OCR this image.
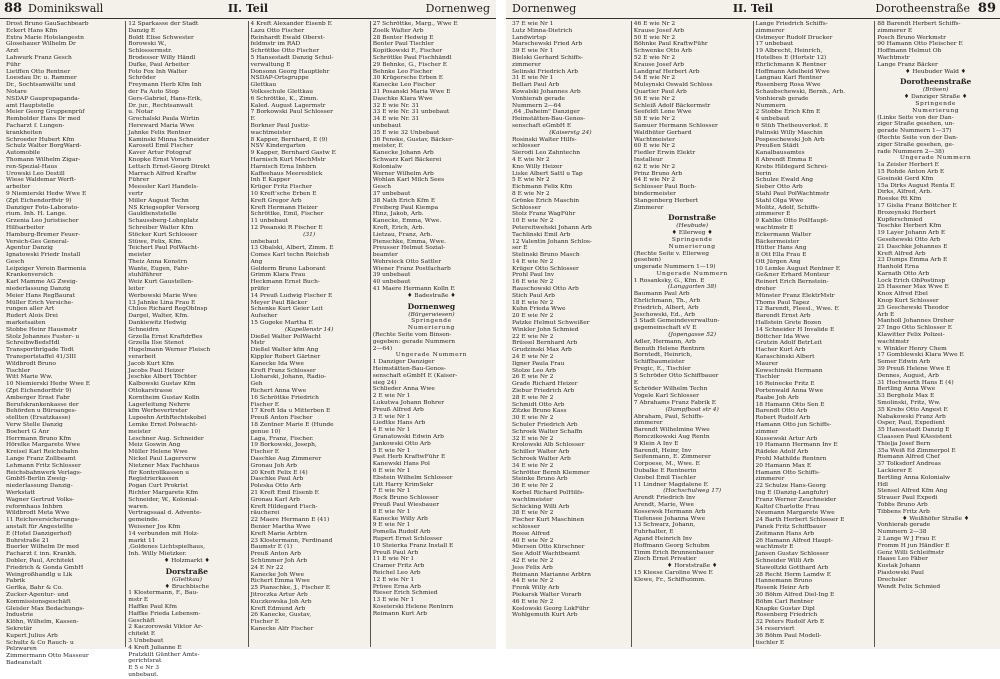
88 Dominikswall	II. Teil	Dornenweg
Drost Bruno GauSachbearb
Eckert Hans Kfm
Extra Marie Hotelangestn
Glosehauer Wilhelm Dr
Arzt
Lahwurk Franz Gesch
Führ
Lietffen Otto Rentner
Loesdau Dr. u. Rammer
Dr., Sochtsanwälte und
Notare
NSDAP Gaupropaganda-
amt Hauptstelle
Meier Georg Gruppenprüf
Rembolder Hans Dr med
Facharzt f. Lungen-
krankheiten
Schroeder Hubert Kfm
Schulz Walter BorgWard-
Automobile
Thomann Wilhelm Zigar-
ren-Spezial-Haus
Urowski Leo Destill
Wiese Waldemar Werft-
arbeiter
9 Niemierski Hedw Wwe E
(Zpt Eichendorffstr 9)
Danziger Foto-Laborato-
rium. Inh. H. Lange.
Grzenia Leo Juristischer
Hilfsarbeiter
Hamburg-Bremer Feuer-
Versich-Ges General-
Agentur Danzig
Ignatowski Friedr Install
Gesch
Leipziger Verein Barmenia
Krankenversich
Karl Mamme AG Zweig-
niederlassung Danzig
Meier Hans RegBaurat
Müller Erich Versiche-
rungen aller Art
Rudert Alois Drei
marketsaiten
Stobbe Heinr Hausmstr
Stolz Johannes Fuster- u
SchreibwBedsHdl
Transportbrigade Todt
Transportstaffel 41/3III
Wildbrodt Bruno
Tischler
Witt Marie Ww.
10 Niemierski Hedw Wwe E
(Zpt Eichendorffstr 9)
Amberger Ernst Fabr
Berufskrankenkasse der
Behörden u Büroanges-
stellten (Ersatzkasse)
Verw Stelle Danzig
Boehert G Anr
Herrmann Bruno Kfm
Hörelke Margarete Wwe
Kreisel Karl Reichsbahn
Lange Franz Zollbeamt
Lehmann Fritz Schlosser
Reichsbahnwerk Verlags-
GmbH-Berlin Zweig-
niederlassung Danzig-
Werkstatt
Wagner Gertrud Volks-
reformhaus Inhbrn
Wildbrodt Meta Wwe
11 Reichsversicherungs-
anstalt für Angestellte
E (Hotel Danzigerhof)
Buhrstraße 21
Buerler Wilhelm Dr med
Facharzt f. inn. Krankh.
Dobler, Paul, Architekt
Friedrich & Gonda GmbH
Weingroßhandlg u Lik
Fabrik
Gerlka, Bahr & Co.
Zucker-Agentur- und
Kommissionsgeschäft
Gleisler Max Bedachungs-
Industrie
Klöhn, Wilhelm, Kassen-
Sekretär
Kupert Julius Arb
Schultz & Co Rauch- u
Pelzwaren
Zimmermann Otto Masseur
Badeanstalt
12 Sparkasse der Stadt
Danzig E
Boldt Elise Schwester
Borowski W.,
Schlossermstr.
Brodesser Willy Händl
Dufke, Paul Arbeiter
Foto Fox Inh Walter
Schröder
Freymann Herb Kfm Inh
der Fa Auto Stop
Gers-Gabriel, Hans-Erik,
Dr. jur., Rechtsanwalt
u. Notar
Grochalski Paula Wirtin
Hereward Maria Wwe
Jahnke Felix Rentner
Kaminski Minna Schneider
Karosetl Emil Fischer
Kaver Artur Fotograf
Knopke Ernst Vorarb
Lettsch Ernst-Georg Direkt
Marrach Alfred Kraftw
Führer
Meessler Karl Handels-
vertr
Miller August Techn
NS Kriegsopfer Versorg
Gauldienststelle
Schaussberg-Lohnplatz
Schreiber Walter Kfm
Stöcker Kurt Schlosser
Stüwe, Felix, Kfm.
Teichert Paul PolWacht-
meister
Theiz Anna Konstrn
Wante, Eugen, Fahr-
stuhlführer
Weiz Kurt Gaustellen-
leiter
Werbowski Marie Wwe
13 Jahnke Lina Frau E
Chlios Richard RegObInsp
Dargel, Walter, Kfm.
Dankiewitz Hedwig
Schneidrn
Grzella Ernst KraftdrBes
Grzella Ilse Stenot
Hugelmann Werner Fleisch
verarbeit
Jacob Kurt Kfm
Jacobs Paul Heizer
Jeschke Albert Töchter
Kalbowski Gustav Kfm
Ottokarstrasse
Korntheim Gustav Kolln
Lagerleitung Nehrre
kfm Werbevertreter
Lupoehn ArthRechtskobel
Lemke Ernst Polwacht-
meister
Leschner Aug. Schneider
Meiz Goswin Ang
Müller Helene Wwe
Nickel Paul Lagerverw
Nietzner Max Fachhaus
für Kontrollkassen u
Registrierkassen
Pogan Curt Prokrist
Richter Margarete Kfm
Schneider, W., Kolonial-
waren.
Vertragssaal d. Advente-
gemeinde.
Weissner Jos Kfm
14 verbunden mit Holz-
markt 11
,Goldenes Lichtspielhaus,
Inh. Willy Mietzker.
♦ Holzmarkt ♦
Dorstraße
(Glettkau)
♦ Bruchbische
1 Klostermann, F., Bau-
mstr E
Haffke Paul Kfm
Haffke Frieda Lebensm-
Geschäft
2 Kaczorowski Viktor Ar-
chitekt E
3 Unbebaut
4 Kreft Julianne E
Pratzkilt Günther Amts-
gerichtsrat
E 5 e Nr 3
unbebaut.
4 Kreft Alexander Eisenb E
Lazu Otto Fischer
Reinhardt Ewald Oberst-
feldmstr im RAD
Schröttke Otto Fischer
5 Hansestadt Danzig Schul-
verwaltung E
Donsonn Georg Hauptlehr
NSDAP-Ortsgruppe
Glettkau
Volksschule Glettkau
6 Schröttke, K., Zimm.
Kaled. August Lagermstr
7 Borkowski Paul Schlosser
E
Borkner Paul Justiz-
wachtmeister
8 Kapper, Bernhard, E (9)
NSV Kindergarten
9 Kapper, Bernhard Gastw E
Harnisch Kurt MechMstr
Harnisch Erna Inhbrn
Kaffeehaus Meeresblick
Inh E Kapper
Krüger Fritz Fischer
10 Kreft'sche Erben E
Kreft Gregor Arb
Kreft Hermann Heizer
Schröttke, Emil, Fischer
11 unbebaut
12 Posanski R Fischer E
(31)
unbebaut
13 Obalski, Albert, Zimm. E
Comes Karl techn Reichsb
Ang
Gelderm Bruno Laborant
Grimm Klara Frau
Heckmann Ernst Buch-
prüfer
14 Preuß Ludwig Fischer E
Meyer Paul Bäcker
Schenke Kurt Geier Leit
Aufseher
15 Gugeke Martha E
(Kapellenstr 14)
Dießel Walter PolWacht
Mstr
Dießel Walter kfm Ang
Kippler Robert Gärtner
Kanecke Ida Wwe
Kreft Franz Schlosser
Lloharski, Johann, Radio-
Geh
Richert Anna Wwe
16 Schröttke Friedrich
Fischer E
17 Kreft Ida u Mitterben E
Preuß Anton Fischer
18 Zentner Marie E (Hunde
genue 10)
Laga, Franz, Fischer.
19 Borkowski, Joseph,
Fischer E
Daschke Aug Zimmerer
Gronau Joh Arb
20 Kreft Felix E (4)
Daschke Paul Arb
Poleska Otto Arb
21 Kreft Emil Eisenb E
Gronau Karl Arb
Kreft Hildegard Fisch-
räucherei
22 Maere Hermann E (41)
Benier Martha Wwe
Kreft Marie Arbtrn
23 Klostermann, Ferdinand
Baumstr E (1)
Preuß Anton Arb
Schümmer Joh Arb
24 E Nr 22
Kanecke Joh Wwe
Richert Emma Wwe
25 Pianschke, J., Fischer E
Jitroczka Artur Arb
Kuczkowska Joh Arb
Kreft Edmund Arb
26 Kanecke, Gustav,
Fischer E
Kanecke Alfr Fischer
27 Schröttke, Marg., Wwe E
Zoelk Walter Arb
28 Benter Hedwig E
Benter Paul Tischler
Kopitkowski F., Fischer
Schröttke Paul Fischhändl
29 Behnke, G., Fischer E
Behnke Leo Fischer
30 Krügersche Erben E
Kanecke Leo Fischer
31 Posanski Maria Wwe E
Daschke Klara Wwe
32 E wie Nr. 31
33 E wie Nr. 31 unbebaut
34 E wie Nr. 31
unbebaut
35 E wie 32 Unbebaut
36 Fenske, Gustav, Bäcker-
meister, E
Kanecke Johann Arb
Schwarz Karl Bäckerei
Kolonialw
Werner Wilhelm Arb
Wohlan Karl Milch Sees
Gesch
37 unbebaut
38 Nath Erich Kfm E
Freiberg Paul Kiempa
Hinz, Jakob, Arb.
Kanecke, Emma, Wwe.
Kreft, Erich, Arb.
Lietzau, Franz, Arb.
Pienschke, Emma, Wwe.
Preusser Helmut Sozial-
beamter
Wehrsieck Otto Sattler
Wiener Franz Postfacharb
39 unbebaut
40 unbebaut
41 Maere Hermann Kolln E
♦ Badestraße ♦
Dornenweg
(Bürgerwiesen)
Springende
Numerierung
(Rechte Seite vom Binsen-
gegeben: gerade Nummern
2—64)
Ungerade Nummern
1 Danziger Danziger
Heimstätten-Bau-Genos-
senschaft eGmbH E (Kaiser-
sieg 24)
Schlieder Anna Wwe
2 E wie Nr 1
Lukutwa Johann Bohrer
Preuß Alfred Arb
3 E wie Nr 1
Liedtke Hans Arb
4 E wie Nr 1
Granatowski Edwin Arb
Jankowski Otto Arb
5 E wie Nr 1
Past Herb KraftwFühr E
Kanewski Hans Pol
6 E wie Nr 1
Ebstein Wilhelm Schlosser
Litt Harry KrimSekr
7 E wie Nr 1
Rock Bruno Schlosser
Preuß Paul Wiesbauer
8 E wie Nr 1
Kanecke Willy Arb
9 E wie Nr 1
Pomella Rudolf Arb
Rupert Ernst Schlosser
10 Steierka Franz Install E
Preuß Paul Arb
11 E wie Nr 1
Cramer Fritz Arb
Reichel Leo Arb
12 E wie Nr 1
Prüwe Erna Arb
Rieser Erich Schmied
13 E wie Nr 1
Koseierski Helene Rentnrn
Reimann Kurt Arb
Dornenweg	II. Teil	Dorotheenstraße 89
37 E wie Nr 1
Lutz Minna-Dietrich
Landwirtsp
Marschewski Fried Arb
39 E wie Nr 1
Bielski Gerhard Schiffs-
zimmerer
Selinski Friedrich Arb
31 E wie Nr 1
Bellari Paul Arb
Kowalski Johannes Arb
Vonhierab gerade
Nummern 2—64
,64 ,Daheim" Danziger
Heimstätten-Bau-Genos-
senschaft eGmbH E
(Kaiserstg 24)
Rosinski Walter Hilfs-
schlosser
Sierodi Leo Zahntechn
4 E wie Nr 2
Kno Willy Heizer
Liske Albert Sattl u Tap
5 E wie Nr 2
Eichmann Felix Kfm
8 E wie Nr 2
Grönke Erich Maschin
Schlosser
Stolz Franz WagFühr
10 E wie Nr 2
Petereitwehski Johann Arb
Tachlinski Emil Arb
12 Valentin Johann Schlos-
ser E
Stelinski Bruno Masch
14 E wie Nr 2
Krüger Otto Schlosser
Prohl Paul Inv
16 E wie Nr 2
Rauschowski Otto Arb
Stich Paul Arb
18 E wie Nr 2
Kuhn Frieda Wwe
20 E wie Nr 2
Patzke Helmut Schweißer
Winkler John Schmied
22 E wie Nr 2
Brüssel Bernhard Arb
Grudzinski Max Arb
24 E wie Nr 2
Ilgner Paula Frau
Stolze Leo Arb
26 E wie Nr 2
Grade Richard Heizer
Ziebur Friedrich Arb
28 E wie Nr 2
Schmidt Otto Arb
Zitzke Bruno Kass
30 E wie Nr 2
Schuler Friedrich Arb
Schroek Walter Schaffn
32 E wie Nr 2
Krolowski Alb Schlosser
Schiller Walter Arb
Schroek Walter Arb
34 E wie Nr 2
Schrötter Bernh Klemmer
Steinke Bruno Arb
36 E wie Nr 2
Korbel Richard PolHilfs-
wachtmeister
Schicking Willi Arb
38 E wie Nr 2
Fischer Kurt Maschinen
schlosser
Rosse Alfred
40 E wie Nr 2
Miersen Otto Kürschner
See Adolf Wachtbeamt
42 E wie Nr 2
Jess Felix Arb
Reimann Marianne Arbtrn
44 E wie Nr 2
Frenk Willy Arb
Piekarsk Walter Vorarb
46 E wie Nr 2
Koslowski Georg LokFühr
Wohlgemuth Kurt Arb
46 E wie Nr 2
Krause Josef Arb
50 E wie Nr 2
Böhnke Paul KraftwFühr
Schwenke Otto Arb
52 E wie Nr 2
Krause Josef Arb
Landgraf Herbert Arb
54 E wie Nr 2
Mulsynski Oswald Schloss
Quartier Paul Arb
56 E wie Nr 2
Schleiß Adolf Bäckermstr
Seefeldt Lene Wwe
58 E wie Nr 2
Samuer Hermann Schlosser
Waldhüter Gerhard
Wachtmeister
60 E wie Nr 2
Fiedler Erwin Elektr
Installeur
62 E wie Nr 2
Prinz Bruno Arb
64 E wie Nr 2
Schlosser Paul Buch-
bindermeister
Stangenberg Herbert
Zimmerer
Dornstraße
(Heubude)
♦ Ellerweg ♦
Springende
Numerierung
(Rechte Seite v. Ellerweg
gesehen)
ungerade Nummern 1—19)
Ungerade Nummern
1 Rosanksky, G., Kfm. E
(Langgarten 38)
Baumann Paul Arb
Ehrlichmann, Th., Arb
Friedrich, Albert, Arb
Jeschowski, Ed., Arb
3 Stadt Gemeindeverwaltun-
gsgemeinschaft eV E
(Jopengasse 52)
Adler, Hermann, Arb
Benuth Helene Rentnrn
Borntedt, Heinrich,
Schiffbaumeister
Pregic, E., Tischler
5 Schröder Otto Schiffbauer
E
Schröder Wilhelm Techn
Vogele Karl Schlosser
7 Abrahams Franz Fabrik E
(Dampfboot str 4)
Abraham, Paul, Schiffs-
zimmerer
Barendt Wilhelmine Wwe
Romczikowski Aug Rentn
9 Klein A Inv E
Barendt, Heinr, Inv
Seifenmann, E. Zimmerer
Corpoese, M., Wwe. E
Dubalke E Rentnerin
Ozobel Emil Tischler
11 Lindner Magdalene E
(Hochschulweg 17)
Arendt Friedrich Inv
Arendt, Marie, Wwe
Kossewsk Hermann Arb
Tiefensee Johanna Wwe
13 Schwarz, Johann,
Fuhrhalter, E
Agand Heinrich Inv
Hoffmann Georg Schubm
Timm Erich Brunnenbauer
Zloch Ernst Privatier
♦ Horststraße ♦
15 Kleese Caroline Wwe E
Klewe, Fr., Schiffszimm.
Lange Friedrich Schiffs-
zimmerer
Ostmeyer Rudolf Drucker
17 unbebaut
19 Albrecht, Heinrich,
Hotelbes E (Hortstr 12)
Ehrlichmann K Rentner
Hoffmann Adelheid Wwe
Langnau Karl Rentner
Rosenberg Rosa Wwe
Schaubschewski, Bernh., Arb.
Vonhierab gerade
Nummern
2 Stobbe Erich Kfm E
4 unbebaut
6 Stüh Thetheuverkst. E
Palinski Willy Maschin
Pospeschewski Joh Arb
Preußen Städt
Kanalbausamtes
8 Abrendt Emma E
Krebs Hildegard Schrei-
berin
Schulze Ewald Ang
Sieber Otto Arb
Stahl Paul PolWachtmstr
Stahl Olga Wwe
Molitz, Adolf, Schiffs-
zimmerer E
9 Kahlke Otto PolHaupt-
wachtmstr E
Eckermann Walter
Bäckermeister
Hütter Hans Ang
8 Ott Ella Frau E
Ott Jürgen Ang
10 Lemke August Rentner E
Ge&ner Erhard Monteur
Reinert Erich Bernstein-
dreher
Münster Franz ElektrMstr
Thoms Paul Tapez
12 Barendt, Fleesl., Wwe. E
Barendt Ernst Arb
Hallstein Grete Bozen
14 Schneider H Invalide E
Böttcher Ida Wwe
Grutzin Adolf BetrLeit
Hacher Kurt Arb
Karaschinski Albert
Maurer
Kowschinski Hermann
Tischler
16 Reinecke Fritz E
Portenwald Anna Wwe
Raabe Joh Arb
18 Hamann Otto Sen E
Barendt Otto Arb
Robert Rudolf Arb
Hamann Otto jun Schiffs-
zimmer
Kussewski Artur Arb
19 Hamann Hermann Inv E
Rädeke Adolf Arb
Prohl Mathilde Rentnrn
20 Hamann Max E
Hamann Otto Schiffs-
zimmerer
22 Schulze Hans-Georg
Ing E (Danzig-Langfuhr)
Franz Werner Zeuchneider
Kaltof Charlotte Frau
Neumann Margarete Wwe
24 Barth Herbert Schlosser E
Panek Fritz Schiffbauer
Zeitmann Hans Arb
26 Hamann Alfred Haupt-
wachtmstr E
Jansen Gustav Schlosser
Schneider Willi Arb
Stawoltzki Gotthard Arb
28 Recht Herm Lamdw E
Hannemann Bruno
Rosenk Heinr Arb
30 Böhm Alfred Diel-Ing E
Böhm Carl Rentner
Knapke Gustav Dipl
Rosenberg Friedrich
32 Peters Rudolf Arb E
34 reserviert
36 Böhm Paul Modell-
tischler E
88 Barendt Herbert Schiffs-
zimmerer E
Posch Bruno Werkmstr
90 Hamann Otto Fleischer E
Hoffmann Helmut Ob
Wachtmstr
Lange Franz Bäcker
♦ Heubuder Wald ♦
Dorotheenstraße
(Brösen)
♦ Danziger Straße ♦
Springende
Numerierung
(Linke Seite von der Dan-
ziger Straße gesehen, un-
gerade Nummern 1—37)
(Rechte Seite von der Dan-
ziger Straße gesehen, ge-
rade Nummern 2—38)
Ungerade Nummern
1a Zeisler Herbert E
15 Rohde Anton Arb E
Gosinski Gerd Kfm
15a Dirks August Renta E
Dirks, Alfred, Arb.
Roeske Rt Kfm
17 Gislia Franz Böttcher E
Brozeynski Herbert
Kupferschmied
Teschke Herbert Kfm
19 Layer Johann Arb E
Gesehewski Otto Arb
21 Daschke Johannes E
Kreft Alfred Arb
23 Dumps Emma Arb E
Hanhold Erna
Karnath Otto Arb
Lock Erich ObPostinsp
25 Hassner Max Wwe E
Knox Alfred Ebel
Knop Kurt Schlosser
25 Geschewski Theodor
Arb E
Manholl Johannes Dreher
27 Ingo Otto Schlosser E
Klawitter Felix Polizei-
wachtmstr
v. Winkler Henry Chem
17 Gomblewski Klara Wwe E
Semer Edwin Arb
39 Preuß Helene Wwe E
Dennes, August, Arb
31 Hochwarth Hans E (4)
Bertling Anna Wwe
33 Bergholz Max E
Smolinski, Fritz, Ww.
35 Krebs Otto Angest E
Nabakowski Franz Arb
Osper, Paul, Expedient
35 Hansestadt Danzig E
Claassen Paul KAssistent
Thielja Josef Bern
35a Weiß Ed Zimmerpol E
Riemann Alfred Chef
37 Tolksdorf Andreas
Lackierer E
Bertling Anna Kolonialw
Hdl
Stensel Alfred Kfm Ang
Strauer Paul Expedi
Tobbs Bruno Arb
Tibbens Fritz Arb
♦ Weißhöfer Straße ♦
Vonhierab gerade
Nummern 2—38
2 Lange W J Frau E
Fromm H jun Händler E
Genz Willi Schleifmstr
Haase Leo Fäber
Kustak Johann
Piastowski Paul
Drechsler
Wendt Felix Schmied
